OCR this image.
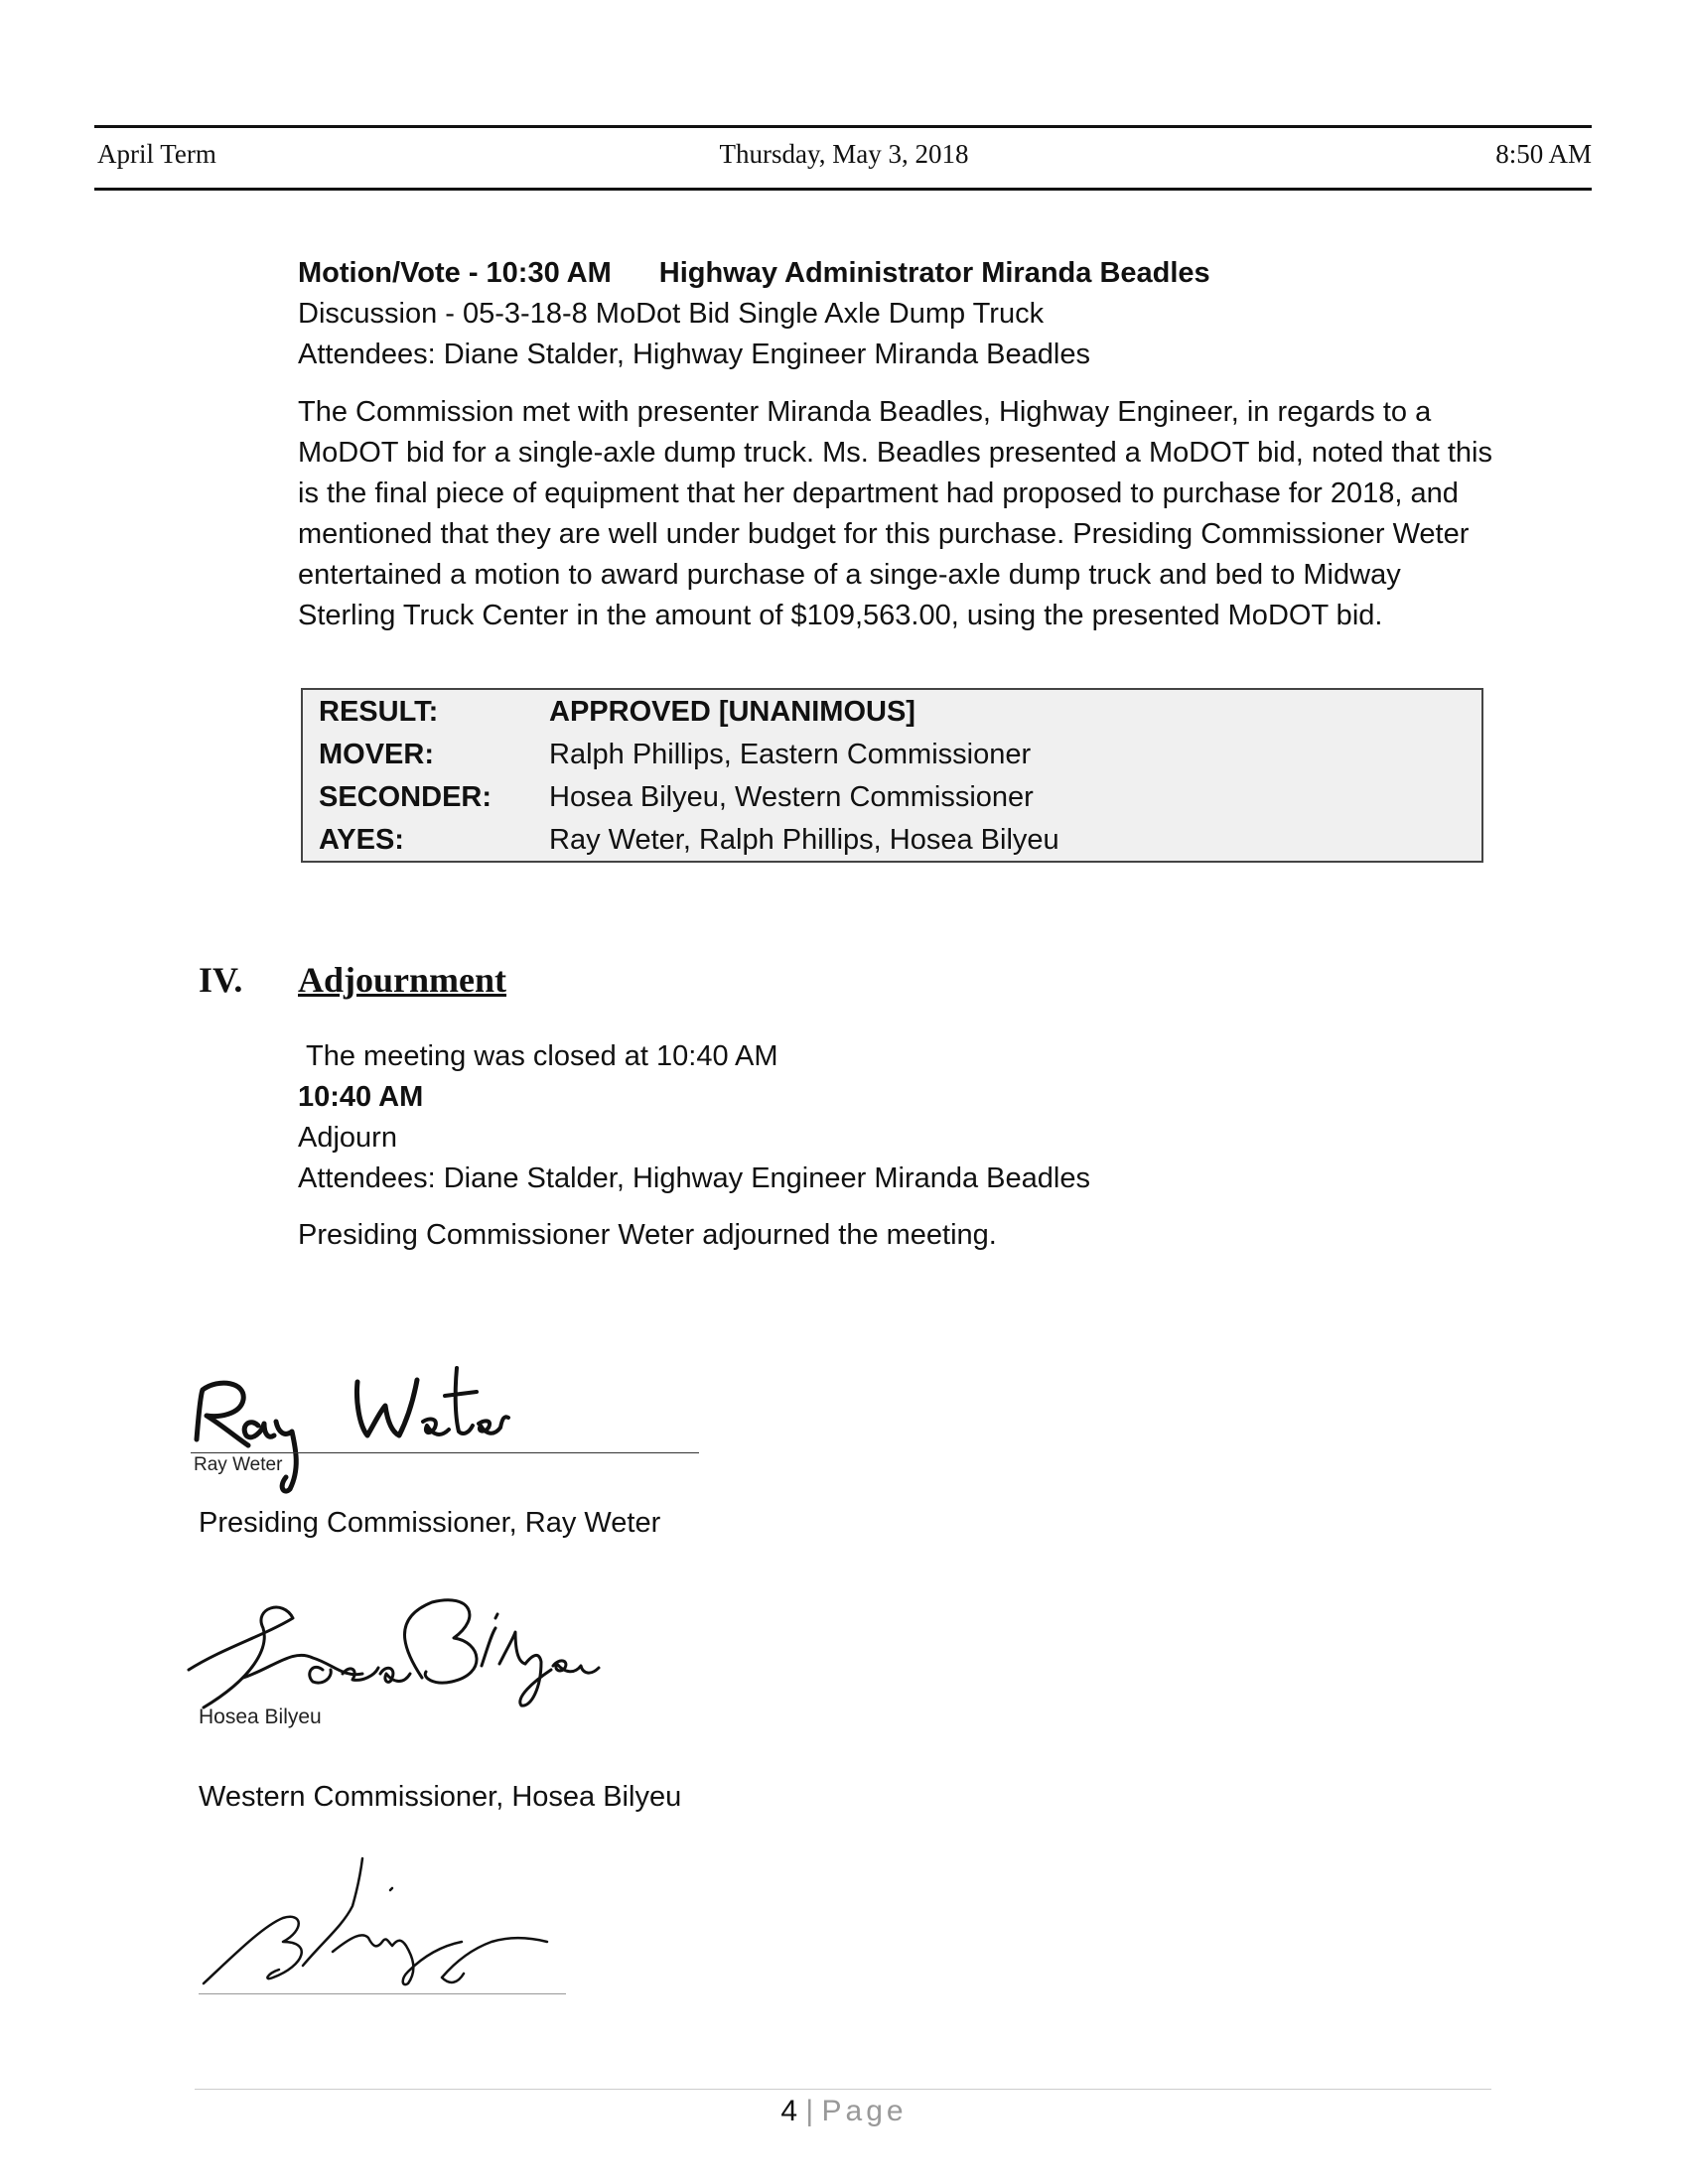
April Term	Thursday, May 3, 2018	8:50 AM
Motion/Vote - 10:30 AM Highway Administrator Miranda Beadles
Discussion - 05-3-18-8 MoDot Bid Single Axle Dump Truck
Attendees: Diane Stalder, Highway Engineer Miranda Beadles
The Commission met with presenter Miranda Beadles, Highway Engineer, in regards to a MoDOT bid for a single-axle dump truck. Ms. Beadles presented a MoDOT bid, noted that this is the final piece of equipment that her department had proposed to purchase for 2018, and mentioned that they are well under budget for this purchase. Presiding Commissioner Weter entertained a motion to award purchase of a singe-axle dump truck and bed to Midway Sterling Truck Center in the amount of $109,563.00, using the presented MoDOT bid.
RESULT:	APPROVED [UNANIMOUS]
MOVER:	Ralph Phillips, Eastern Commissioner
SECONDER: Hosea Bilyeu, Western Commissioner
AYES:	Ray Weter, Ralph Phillips, Hosea Bilyeu
IV. Adjournment
The meeting was closed at 10:40 AM
10:40 AM
Adjourn
Attendees: Diane Stalder, Highway Engineer Miranda Beadles
Presiding Commissioner Weter adjourned the meeting.
Ray Weter
Presiding Commissioner, Ray Weter
Hosea Bilyeu
Western Commissioner, Hosea Bilyeu
4 | Page
